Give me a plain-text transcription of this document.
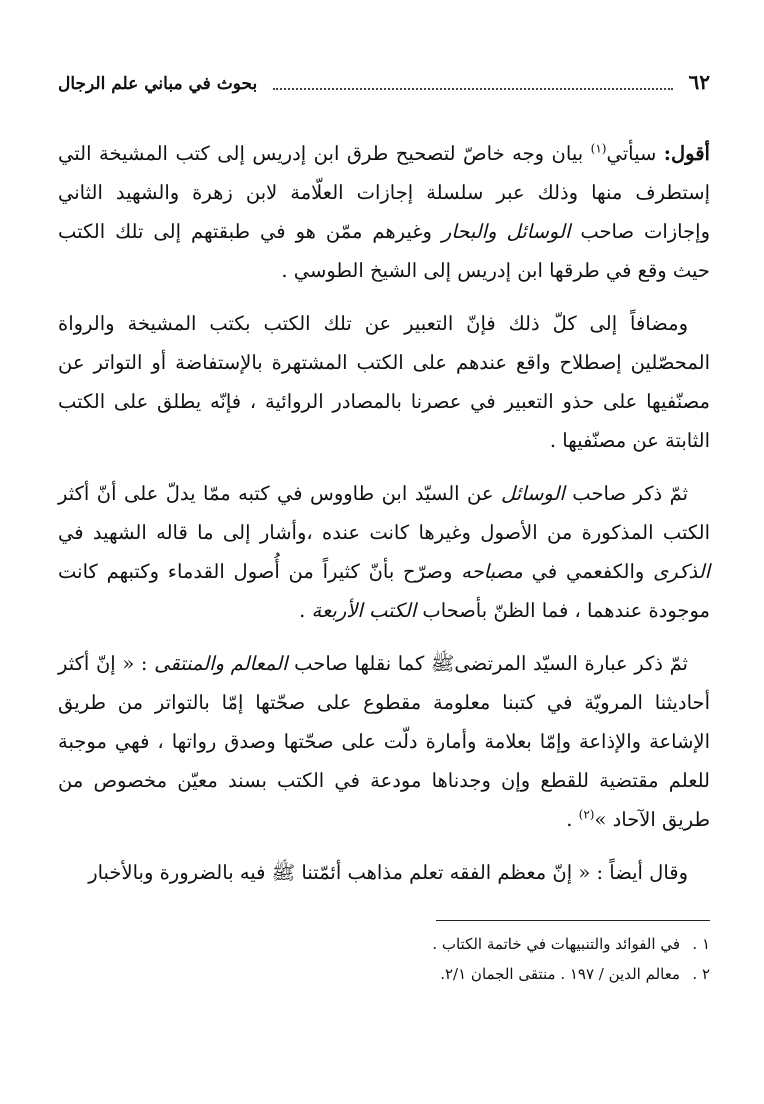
٦٢
بحوث في مباني علم الرجال

أقول: سيأتي$^{(١)}$ بيان وجه خاصّ لتصحيح طرق ابن إدريس إلى كتب المشيخة التي إستطرف منها وذلك عبر سلسلة إجازات العلّامة لابن زهرة والشهيد الثاني وإجازات صاحب الوسائل والبحار وغيرهم ممّن هو في طبقتهم إلى تلك الكتب حيث وقع في طرقها ابن إدريس إلى الشيخ الطوسي .

ومضافاً إلى كلّ ذلك فإنّ التعبير عن تلك الكتب بكتب المشيخة والرواة المحصّلين إصطلاح واقع عندهم على الكتب المشتهرة بالإستفاضة أو التواتر عن مصنّفيها على حذو التعبير في عصرنا بالمصادر الروائية ، فإنّه يطلق على الكتب الثابتة عن مصنّفيها .

ثمّ ذكر صاحب الوسائل عن السيّد ابن طاووس في كتبه ممّا يدلّ على أنّ أكثر الكتب المذكورة من الأصول وغيرها كانت عنده ،وأشار إلى ما قاله الشهيد في الذكرى والكفعمي في مصباحه وصرّح بأنّ كثيراً من أُصول القدماء وكتبهم كانت موجودة عندهما ، فما الظنّ بأصحاب الكتب الأربعة .

ثمّ ذكر عبارة السيّد المرتضىﷺ كما نقلها صاحب المعالم والمنتقى : « إنّ أكثر أحاديثنا المرويّة في كتبنا معلومة مقطوع على صحّتها إمّا بالتواتر من طريق الإشاعة والإذاعة وإمّا بعلامة وأمارة دلّت على صحّتها وصدق رواتها ، فهي موجبة للعلم مقتضية للقطع وإن وجدناها مودعة في الكتب بسند معيّن مخصوص من طريق الآحاد »$^{(٢)}$ .

وقال أيضاً : « إنّ معظم الفقه تعلم مذاهب أئمّتنا ﷺ فيه بالضرورة وبالأخبار

١ .
في الفوائد والتنبيهات في خاتمة الكتاب .
٢ .
معالم الدين / ١٩٧ . منتقى الجمان ٢/١.
